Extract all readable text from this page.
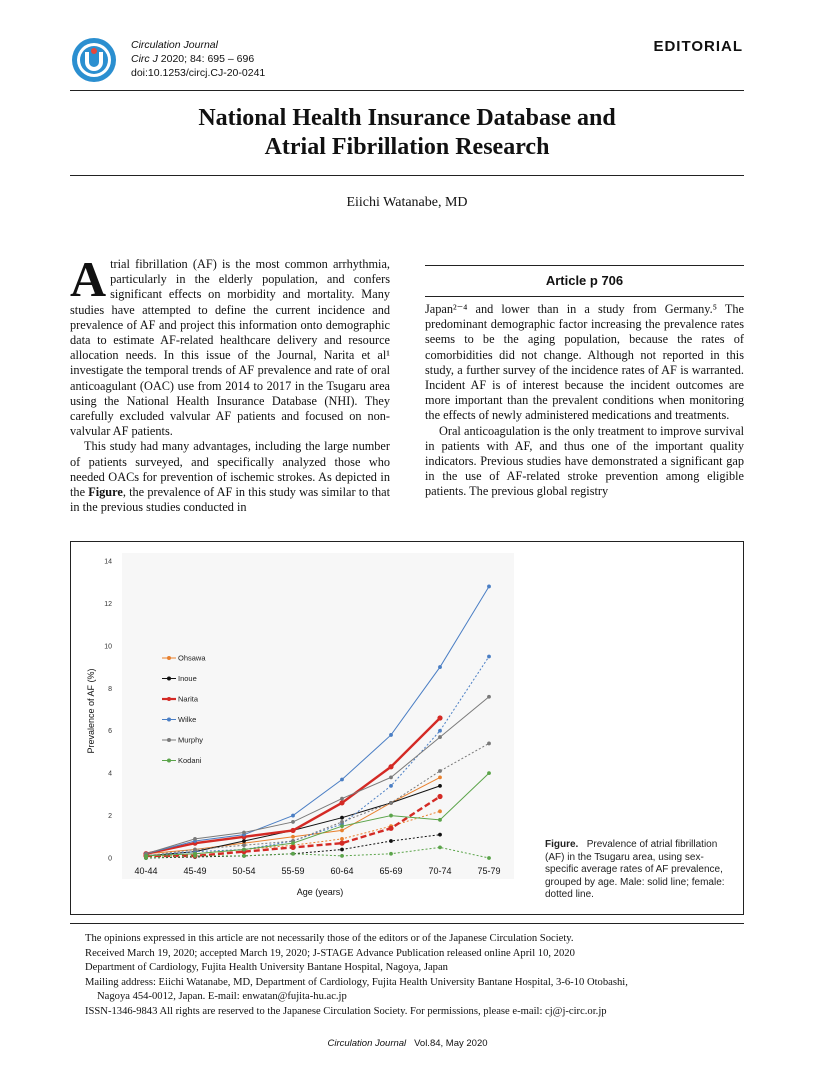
Circulation Journal
Circ J 2020; 84: 695 – 696
doi:10.1253/circj.CJ-20-0241
EDITORIAL
National Health Insurance Database and
Atrial Fibrillation Research
Eiichi Watanabe, MD

Atrial fibrillation (AF) is the most common arrhythmia, particularly in the elderly population, and confers significant effects on morbidity and mortality. Many studies have attempted to define the current incidence and prevalence of AF and project this information onto demographic data to estimate AF-related healthcare delivery and resource allocation needs. In this issue of the Journal, Narita et al¹ investigate the temporal trends of AF prevalence and rate of oral anticoagulant (OAC) use from 2014 to 2017 in the Tsugaru area using the National Health Insurance Database (NHI). They carefully excluded valvular AF patients and focused on non-valvular AF patients.

This study had many advantages, including the large number of patients surveyed, and specifically analyzed those who needed OACs for prevention of ischemic strokes. As depicted in the Figure, the prevalence of AF in this study was similar to that in the previous studies conducted in

Article p 706

Japan²⁻⁴ and lower than in a study from Germany.⁵ The predominant demographic factor increasing the prevalence rates seems to be the aging population, because the rates of comorbidities did not change. Although not reported in this study, a further survey of the incidence rates of AF is warranted. Incident AF is of interest because the incident outcomes are more important than the prevalent conditions when monitoring the effects of newly administered medications and treatments.

Oral anticoagulation is the only treatment to improve survival in patients with AF, and thus one of the important quality indicators. Previous studies have demonstrated a significant gap in the use of AF-related stroke prevention among eligible patients. The previous global registry

0
2
4
6
8
10
12
14
40-44	45-49	50-54	55-59	60-64	65-69	70-74	75-79
Age (years)
Prevalence of AF (%)
Ohsawa
Inoue
Narita
Wilke
Murphy
Kodani
Figure. Prevalence of atrial fibrillation (AF) in the Tsugaru area, using sex-specific average rates of AF prevalence, grouped by age. Male: solid line; female: dotted line.
The opinions expressed in this article are not necessarily those of the editors or of the Japanese Circulation Society.
Received March 19, 2020; accepted March 19, 2020; J-STAGE Advance Publication released online April 10, 2020
Department of Cardiology, Fujita Health University Bantane Hospital, Nagoya, Japan
Mailing address: Eiichi Watanabe, MD, Department of Cardiology, Fujita Health University Bantane Hospital, 3-6-10 Otobashi,
Nagoya 454-0012, Japan. E-mail: enwatan@fujita-hu.ac.jp
ISSN-1346-9843 All rights are reserved to the Japanese Circulation Society. For permissions, please e-mail: cj@j-circ.or.jp
Circulation Journal Vol.84, May 2020
